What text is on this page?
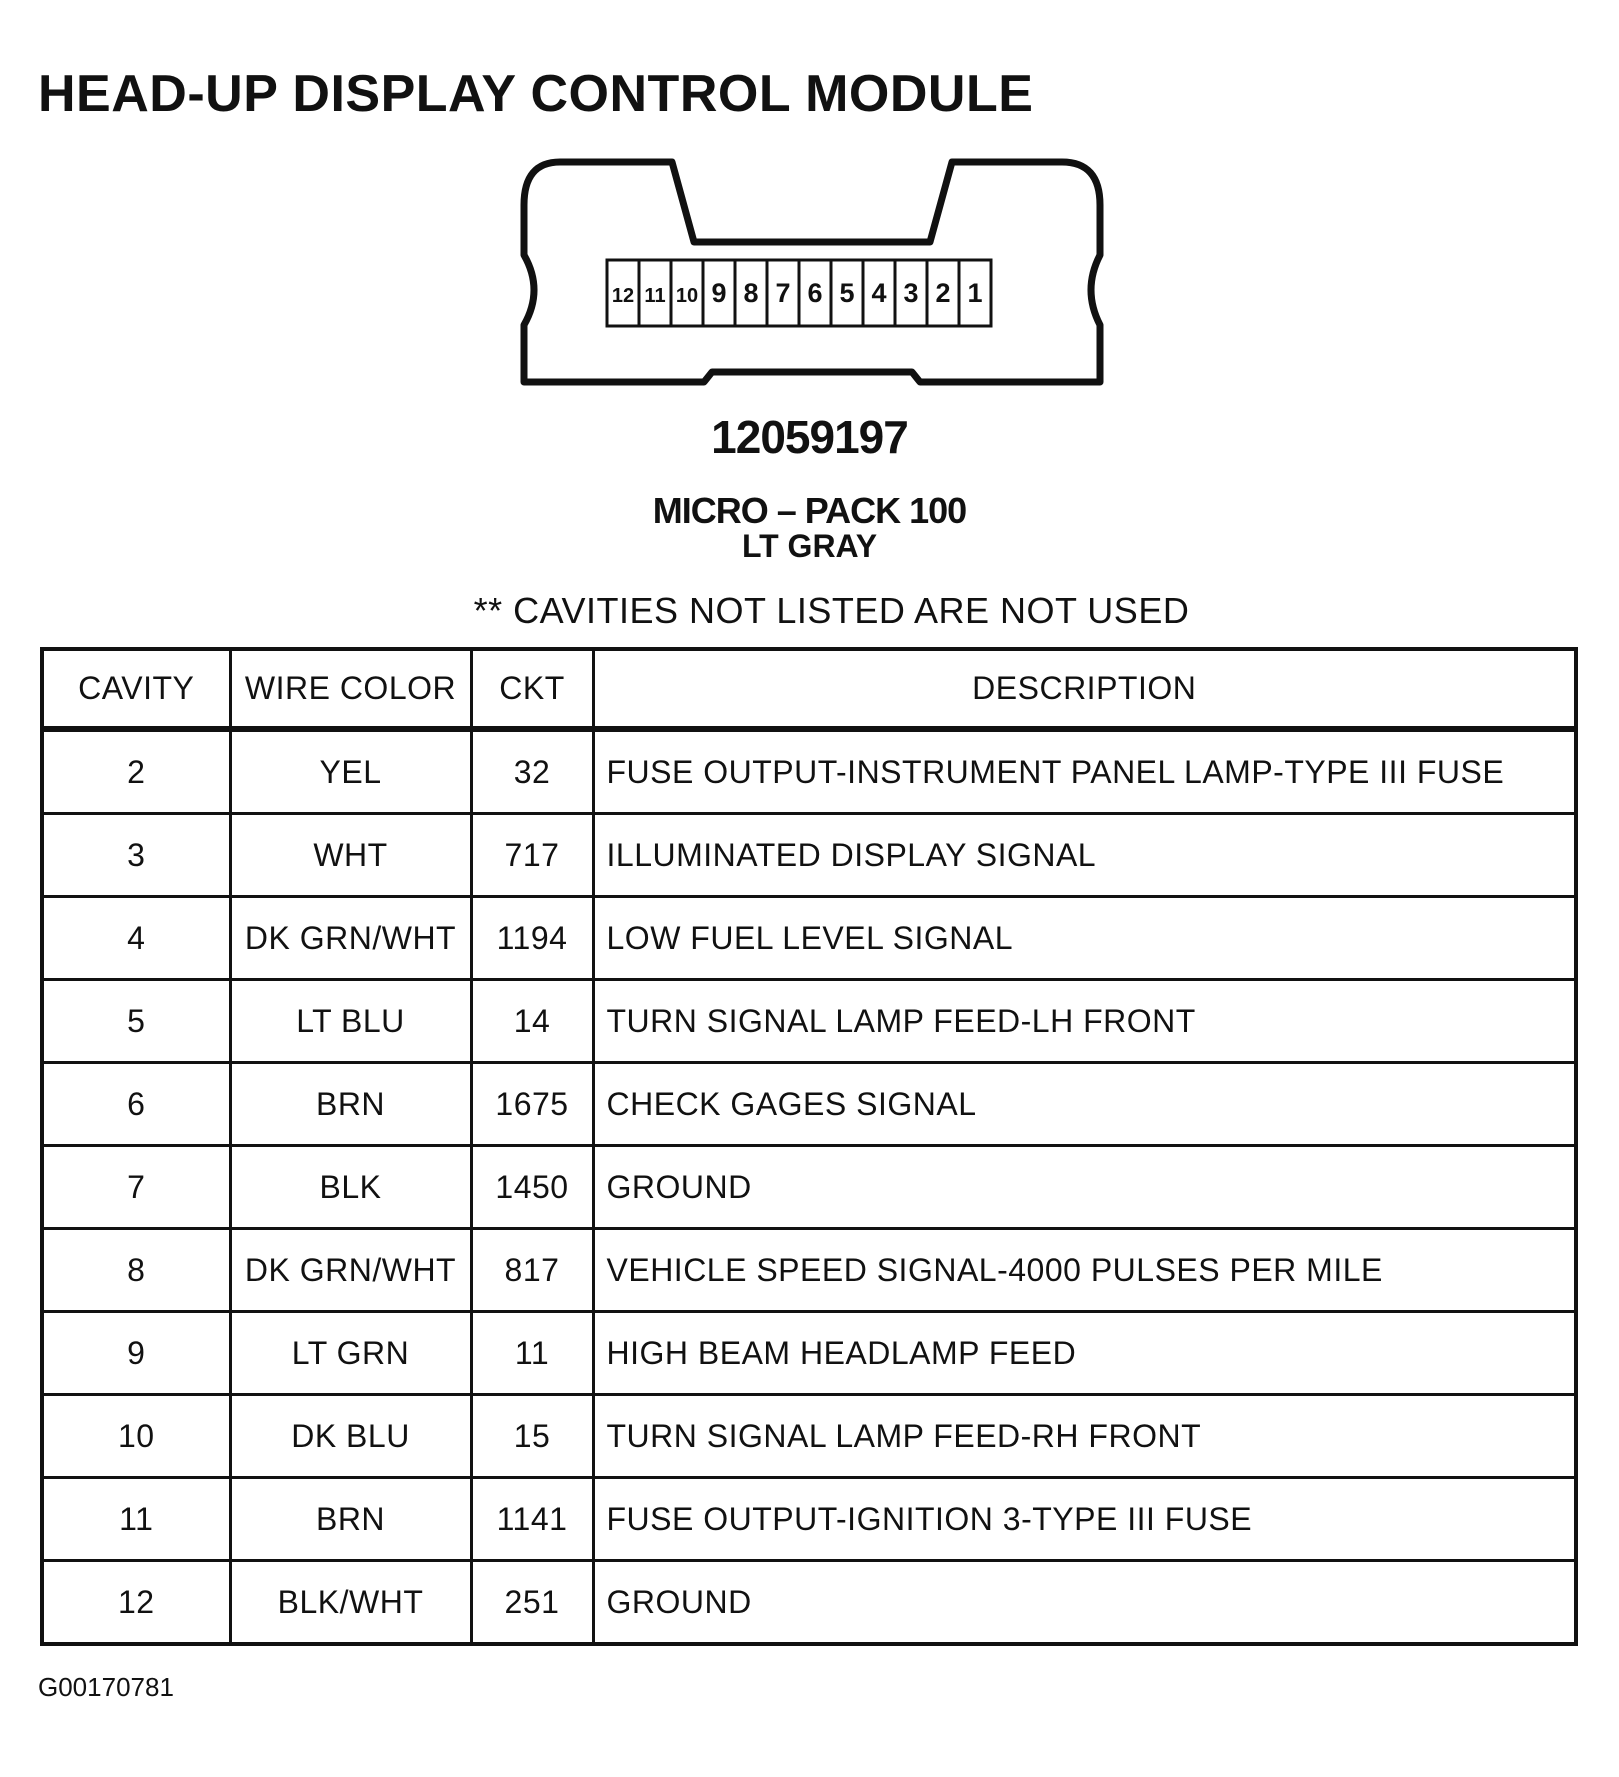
HEAD-UP DISPLAY CONTROL MODULE
12 11 10 9 8 7 6 5 4 3 2 1
12059197
MICRO – PACK 100
LT GRAY
** CAVITIES NOT LISTED ARE NOT USED
CAVITY	WIRE COLOR	CKT	DESCRIPTION
2	YEL	32	FUSE OUTPUT-INSTRUMENT PANEL LAMP-TYPE III FUSE
3	WHT	717	ILLUMINATED DISPLAY SIGNAL
4	DK GRN/WHT	1194	LOW FUEL LEVEL SIGNAL
5	LT BLU	14	TURN SIGNAL LAMP FEED-LH FRONT
6	BRN	1675	CHECK GAGES SIGNAL
7	BLK	1450	GROUND
8	DK GRN/WHT	817	VEHICLE SPEED SIGNAL-4000 PULSES PER MILE
9	LT GRN	11	HIGH BEAM HEADLAMP FEED
10	DK BLU	15	TURN SIGNAL LAMP FEED-RH FRONT
11	BRN	1141	FUSE OUTPUT-IGNITION 3-TYPE III FUSE
12	BLK/WHT	251	GROUND
G00170781
